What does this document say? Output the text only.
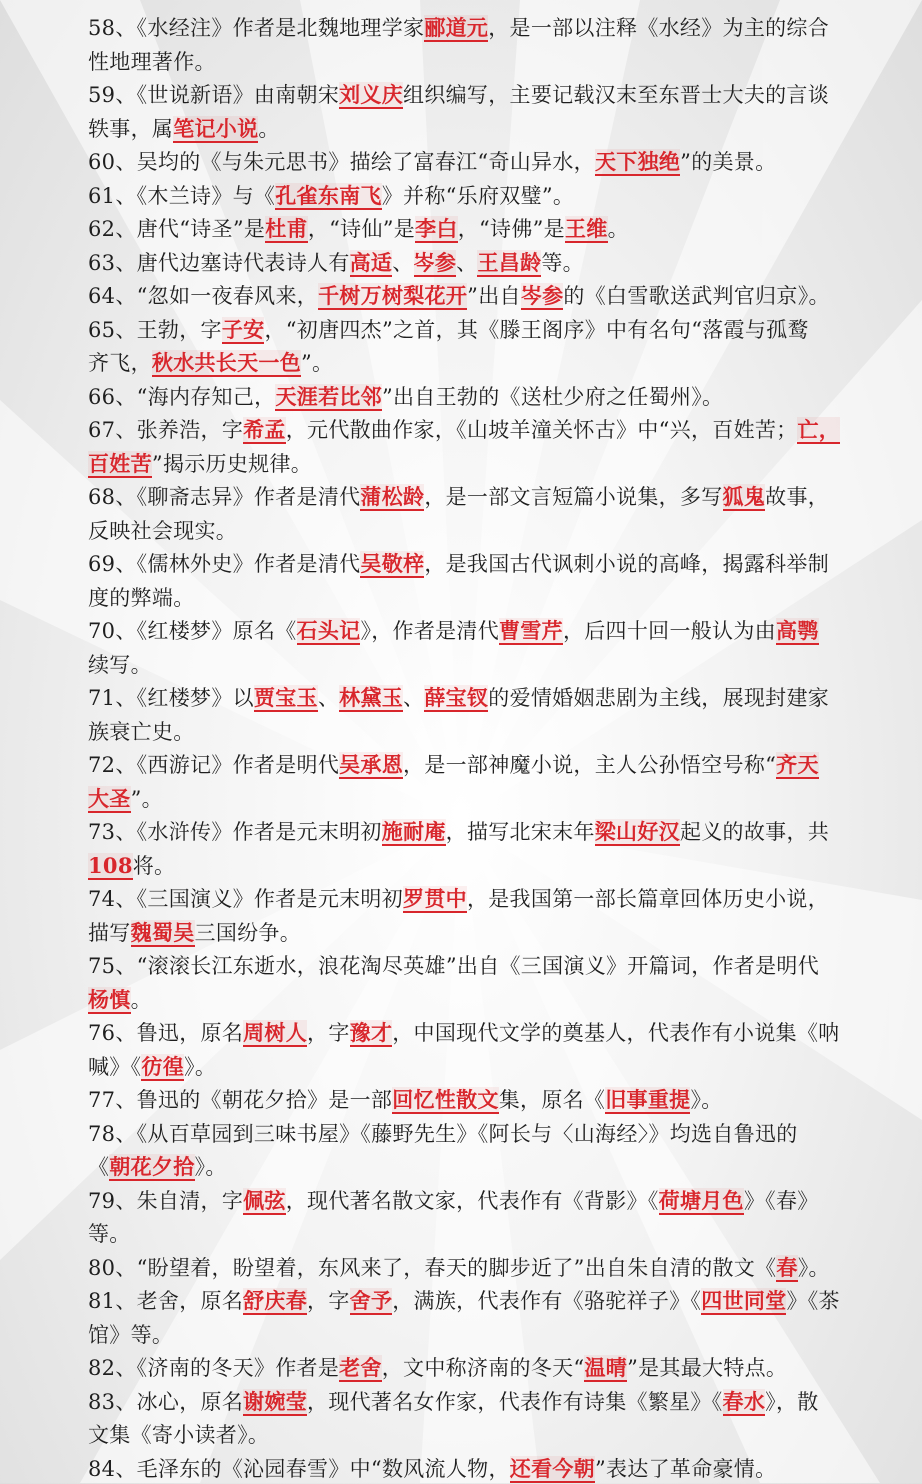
58、《水经注》作者是北魏地理学家郦道元，是一部以注释《水经》为主的综合
性地理著作。
59、《世说新语》由南朝宋刘义庆组织编写，主要记载汉末至东晋士大夫的言谈
轶事，属笔记小说。
60、吴均的《与朱元思书》描绘了富春江“奇山异水，天下独绝”的美景。
61、《木兰诗》与《孔雀东南飞》并称“乐府双璧”。
62、唐代“诗圣”是杜甫，“诗仙”是李白，“诗佛”是王维。
63、唐代边塞诗代表诗人有高适、岑参、王昌龄等。
64、“忽如一夜春风来，千树万树梨花开”出自岑参的《白雪歌送武判官归京》。
65、王勃，字子安，“初唐四杰”之首，其《滕王阁序》中有名句“落霞与孤鹜
齐飞，秋水共长天一色”。
66、“海内存知己，天涯若比邻”出自王勃的《送杜少府之任蜀州》。
67、张养浩，字希孟，元代散曲作家，《山坡羊潼关怀古》中“兴，百姓苦；亡，
百姓苦”揭示历史规律。
68、《聊斋志异》作者是清代蒲松龄，是一部文言短篇小说集，多写狐鬼故事，
反映社会现实。
69、《儒林外史》作者是清代吴敬梓，是我国古代讽刺小说的高峰，揭露科举制
度的弊端。
70、《红楼梦》原名《石头记》，作者是清代曹雪芹，后四十回一般认为由高鹗
续写。
71、《红楼梦》以贾宝玉、林黛玉、薛宝钗的爱情婚姻悲剧为主线，展现封建家
族衰亡史。
72、《西游记》作者是明代吴承恩，是一部神魔小说，主人公孙悟空号称“齐天
大圣”。
73、《水浒传》作者是元末明初施耐庵，描写北宋末年梁山好汉起义的故事，共
108将。
74、《三国演义》作者是元末明初罗贯中，是我国第一部长篇章回体历史小说，
描写魏蜀吴三国纷争。
75、“滚滚长江东逝水，浪花淘尽英雄”出自《三国演义》开篇词，作者是明代
杨慎。
76、鲁迅，原名周树人，字豫才，中国现代文学的奠基人，代表作有小说集《呐
喊》《彷徨》。
77、鲁迅的《朝花夕拾》是一部回忆性散文集，原名《旧事重提》。
78、《从百草园到三味书屋》《藤野先生》《阿长与〈山海经〉》均选自鲁迅的
《朝花夕拾》。
79、朱自清，字佩弦，现代著名散文家，代表作有《背影》《荷塘月色》《春》
等。
80、“盼望着，盼望着，东风来了，春天的脚步近了”出自朱自清的散文《春》。
81、老舍，原名舒庆春，字舍予，满族，代表作有《骆驼祥子》《四世同堂》《茶
馆》等。
82、《济南的冬天》作者是老舍，文中称济南的冬天“温晴”是其最大特点。
83、冰心，原名谢婉莹，现代著名女作家，代表作有诗集《繁星》《春水》，散
文集《寄小读者》。
84、毛泽东的《沁园春雪》中“数风流人物，还看今朝”表达了革命豪情。
